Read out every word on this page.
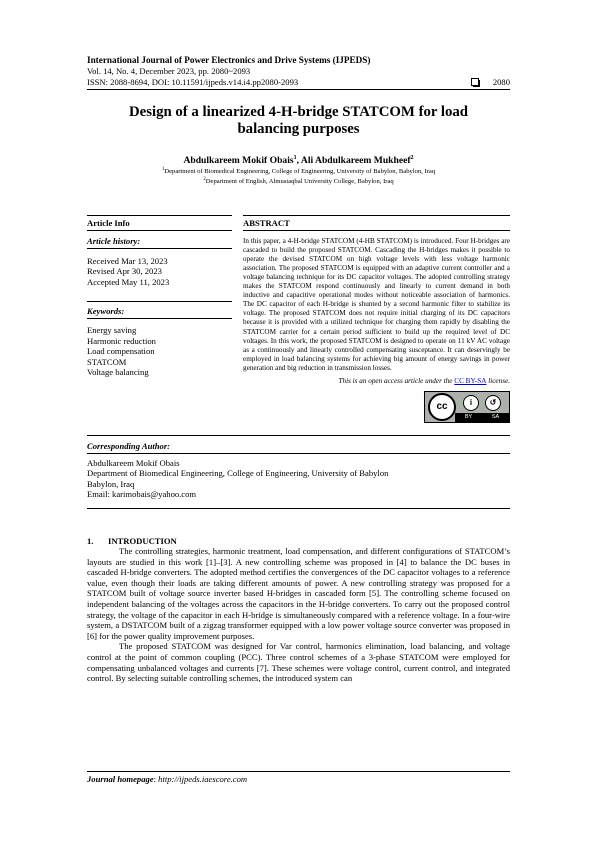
International Journal of Power Electronics and Drive Systems (IJPEDS)
Vol. 14, No. 4, December 2023, pp. 2080~2093
ISSN: 2088-8694, DOI: 10.11591/ijpeds.v14.i4.pp2080-2093	2080
Design of a linearized 4-H-bridge STATCOM for load balancing purposes
Abdulkareem Mokif Obais$^1$, Ali Abdulkareem Mukheef$^2$
$^1$Department of Biomedical Engineering, College of Engineering, University of Babylon, Babylon, Iraq
$^2$Department of English, Almustaqbal University College, Babylon, Iraq
Article Info
Article history:
Received Mar 13, 2023
Revised Apr 30, 2023
Accepted May 11, 2023
Keywords:
Energy saving
Harmonic reduction
Load compensation
STATCOM
Voltage balancing
ABSTRACT
In this paper, a 4-H-bridge STATCOM (4-HB STATCOM) is introduced. Four H-bridges are cascaded to build the proposed STATCOM. Cascading the H-bridges makes it possible to operate the devised STATCOM on high voltage levels with less voltage harmonic association. The proposed STATCOM is equipped with an adaptive current controller and a voltage balancing technique for its DC capacitor voltages. The adopted controlling strategy makes the STATCOM respond continuously and linearly to current demand in both inductive and capacitive operational modes without noticeable association of harmonics. The DC capacitor of each H-bridge is shunted by a second harmonic filter to stabilize its voltage. The proposed STATCOM does not require initial charging of its DC capacitors because it is provided with a utilized technique for charging them rapidly by disabling the STATCOM carrier for a certain period sufficient to build up the required level of DC voltages. In this work, the proposed STATCOM is designed to operate on 11 kV AC voltage as a continuously and linearly controlled compensating susceptance. It can deservingly be employed in load balancing systems for achieving big amount of energy savings in power generation and big reduction in transmission losses.
This is an open access article under the CC BY-SA license.
cc	i	↺
BY	SA
Corresponding Author:
Abdulkareem Mokif Obais
Department of Biomedical Engineering, College of Engineering, University of Babylon
Babylon, Iraq
Email: karimobais@yahoo.com
1. INTRODUCTION

The controlling strategies, harmonic treatment, load compensation, and different configurations of STATCOM’s layouts are studied in this work [1]–[3]. A new controlling scheme was proposed in [4] to balance the DC buses in cascaded H-bridge converters. The adopted method certifies the convergences of the DC capacitor voltages to a reference value, even though their loads are taking different amounts of power. A new controlling strategy was proposed for a STATCOM built of voltage source inverter based H-bridges in cascaded form [5]. The controlling scheme focused on independent balancing of the voltages across the capacitors in the H-bridge converters. To carry out the proposed control strategy, the voltage of the capacitor in each H-bridge is simultaneously compared with a reference voltage. In a four-wire system, a DSTATCOM built of a zigzag transformer equipped with a low power voltage source converter was proposed in [6] for the power quality improvement purposes.

The proposed STATCOM was designed for Var control, harmonics elimination, load balancing, and voltage control at the point of common coupling (PCC). Three control schemes of a 3-phase STATCOM were employed for compensating unbalanced voltages and currents [7]. These schemes were voltage control, current control, and integrated control. By selecting suitable controlling schemes, the introduced system can

Journal homepage: http://ijpeds.iaescore.com
